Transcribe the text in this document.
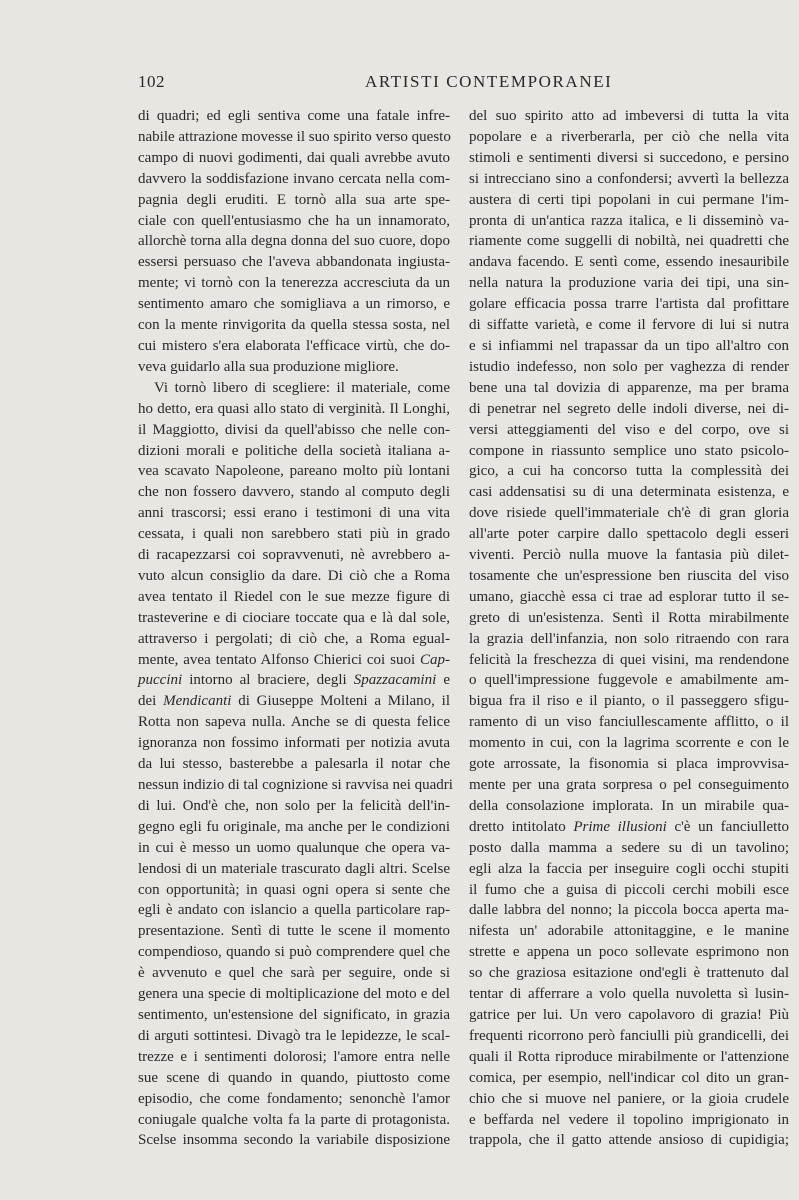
102	ARTISTI CONTEMPORANEI
di quadri; ed egli sentiva come una fatale infre-
nabile attrazione movesse il suo spirito verso questo
campo di nuovi godimenti, dai quali avrebbe avuto
davvero la soddisfazione invano cercata nella com-
pagnia degli eruditi. E tornò alla sua arte spe-
ciale con quell'entusiasmo che ha un innamorato,
allorchè torna alla degna donna del suo cuore, dopo
essersi persuaso che l'aveva abbandonata ingiusta-
mente; vi tornò con la tenerezza accresciuta da un
sentimento amaro che somigliava a un rimorso, e
con la mente rinvigorita da quella stessa sosta, nel
cui mistero s'era elaborata l'efficace virtù, che do-
veva guidarlo alla sua produzione migliore.
Vi tornò libero di scegliere: il materiale, come
ho detto, era quasi allo stato di verginità. Il Longhi,
il Maggiotto, divisi da quell'abisso che nelle con-
dizioni morali e politiche della società italiana a-
vea scavato Napoleone, pareano molto più lontani
che non fossero davvero, stando al computo degli
anni trascorsi; essi erano i testimoni di una vita
cessata, i quali non sarebbero stati più in grado
di racapezzarsi coi sopravvenuti, nè avrebbero a-
vuto alcun consiglio da dare. Di ciò che a Roma
avea tentato il Riedel con le sue mezze figure di
trasteverine e di ciociare toccate qua e là dal sole,
attraverso i pergolati; di ciò che, a Roma egual-
mente, avea tentato Alfonso Chierici coi suoi Cap-
puccini intorno al braciere, degli Spazzacamini e
dei Mendicanti di Giuseppe Molteni a Milano, il
Rotta non sapeva nulla. Anche se di questa felice
ignoranza non fossimo informati per notizia avuta
da lui stesso, basterebbe a palesarla il notar che
nessun indizio di tal cognizione si ravvisa nei quadri
di lui. Ond'è che, non solo per la felicità dell'in-
gegno egli fu originale, ma anche per le condizioni
in cui è messo un uomo qualunque che opera va-
lendosi di un materiale trascurato dagli altri. Scelse
con opportunità; in quasi ogni opera si sente che
egli è andato con islancio a quella particolare rap-
presentazione. Sentì di tutte le scene il momento
compendioso, quando si può comprendere quel che
è avvenuto e quel che sarà per seguire, onde si
genera una specie di moltiplicazione del moto e del
sentimento, un'estensione del significato, in grazia
di arguti sottintesi. Divagò tra le lepidezze, le scal-
trezze e i sentimenti dolorosi; l'amore entra nelle
sue scene di quando in quando, piuttosto come
episodio, che come fondamento; senonchè l'amor
coniugale qualche volta fa la parte di protagonista.
Scelse insomma secondo la variabile disposizione
del suo spirito atto ad imbeversi di tutta la vita
popolare e a riverberarla, per ciò che nella vita
stimoli e sentimenti diversi si succedono, e persino
si intrecciano sino a confondersi; avvertì la bellezza
austera di certi tipi popolani in cui permane l'im-
pronta di un'antica razza italica, e li disseminò va-
riamente come suggelli di nobiltà, nei quadretti che
andava facendo. E sentì come, essendo inesauribile
nella natura la produzione varia dei tipi, una sin-
golare efficacia possa trarre l'artista dal profittare
di siffatte varietà, e come il fervore di lui si nutra
e si infiammi nel trapassar da un tipo all'altro con
istudio indefesso, non solo per vaghezza di render
bene una tal dovizia di apparenze, ma per brama
di penetrar nel segreto delle indoli diverse, nei di-
versi atteggiamenti del viso e del corpo, ove si
compone in riassunto semplice uno stato psicolo-
gico, a cui ha concorso tutta la complessità dei
casi addensatisi su di una determinata esistenza, e
dove risiede quell'immateriale ch'è di gran gloria
all'arte poter carpire dallo spettacolo degli esseri
viventi. Perciò nulla muove la fantasia più dilet-
tosamente che un'espressione ben riuscita del viso
umano, giacchè essa ci trae ad esplorar tutto il se-
greto di un'esistenza. Sentì il Rotta mirabilmente
la grazia dell'infanzia, non solo ritraendo con rara
felicità la freschezza di quei visini, ma rendendone
o quell'impressione fuggevole e amabilmente am-
bigua fra il riso e il pianto, o il passeggero sfigu-
ramento di un viso fanciullescamente afflitto, o il
momento in cui, con la lagrima scorrente e con le
gote arrossate, la fisonomia si placa improvvisa-
mente per una grata sorpresa o pel conseguimento
della consolazione implorata. In un mirabile qua-
dretto intitolato Prime illusioni c'è un fanciulletto
posto dalla mamma a sedere su di un tavolino;
egli alza la faccia per inseguire cogli occhi stupiti
il fumo che a guisa di piccoli cerchi mobili esce
dalle labbra del nonno; la piccola bocca aperta ma-
nifesta un' adorabile attonitaggine, e le manine
strette e appena un poco sollevate esprimono non
so che graziosa esitazione ond'egli è trattenuto dal
tentar di afferrare a volo quella nuvoletta sì lusin-
gatrice per lui. Un vero capolavoro di grazia! Più
frequenti ricorrono però fanciulli più grandicelli, dei
quali il Rotta riproduce mirabilmente or l'attenzione
comica, per esempio, nell'indicar col dito un gran-
chio che si muove nel paniere, or la gioia crudele
e beffarda nel vedere il topolino imprigionato in
trappola, che il gatto attende ansioso di cupidigia;
